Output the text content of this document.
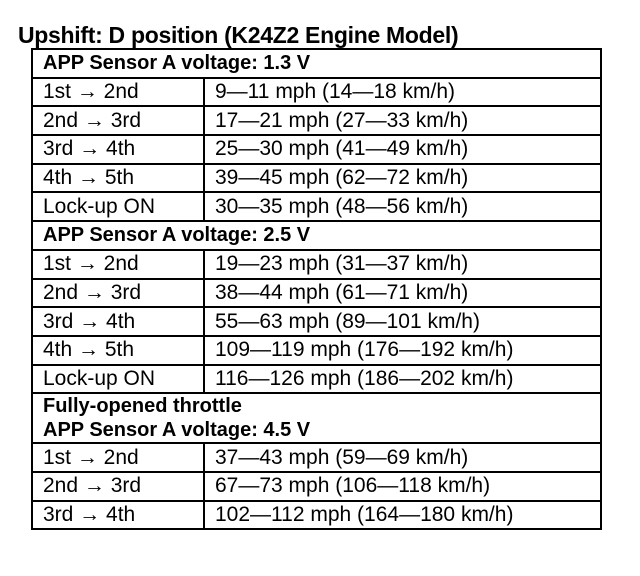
Upshift: D position (K24Z2 Engine Model)
APP Sensor A voltage: 1.3 V	
1st → 2nd	9—11 mph (14—18 km/h)
2nd → 3rd	17—21 mph (27—33 km/h)
3rd → 4th	25—30 mph (41—49 km/h)
4th → 5th	39—45 mph (62—72 km/h)
Lock-up ON	30—35 mph (48—56 km/h)
APP Sensor A voltage: 2.5 V	
1st → 2nd	19—23 mph (31—37 km/h)
2nd → 3rd	38—44 mph (61—71 km/h)
3rd → 4th	55—63 mph (89—101 km/h)
4th → 5th	109—119 mph (176—192 km/h)
Lock-up ON	116—126 mph (186—202 km/h)
Fully-opened throttle	
APP Sensor A voltage: 4.5 V	
1st → 2nd	37—43 mph (59—69 km/h)
2nd → 3rd	67—73 mph (106—118 km/h)
3rd → 4th	102—112 mph (164—180 km/h)
